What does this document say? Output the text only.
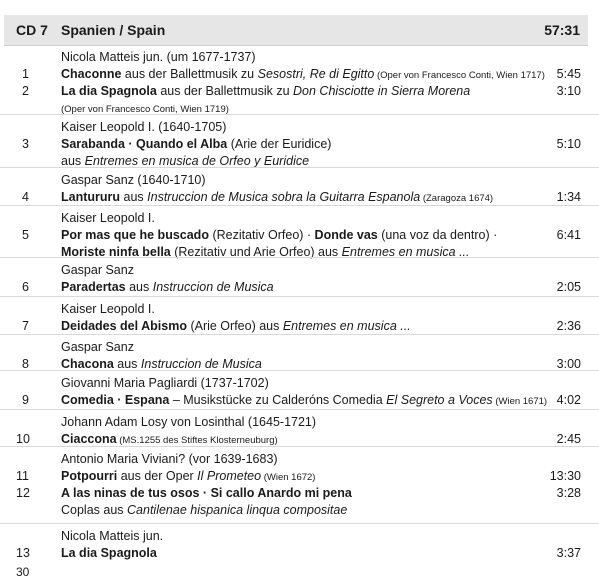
CD 7 Spanien / Spain	57:31
Nicola Matteis jun. (um 1677-1737)
1	Chaconne aus der Ballettmusik zu Sesostri, Re di Egitto (Oper von Francesco Conti, Wien 1717) 5:45
2	La dia Spagnola aus der Ballettmusik zu Don Chisciotte in Sierra Morena	3:10
(Oper von Francesco Conti, Wien 1719)
Kaiser Leopold I. (1640-1705)
3	Sarabanda · Quando el Alba (Arie der Euridice)	5:10
aus Entremes en musica de Orfeo y Euridice
Gaspar Sanz (1640-1710)
4	Lantururu aus Instruccion de Musica sobra la Guitarra Espanola (Zaragoza 1674)	1:34
Kaiser Leopold I.
5	Por mas que he buscado (Rezitativ Orfeo) · Donde vas (una voz da dentro) ·	6:41
Moriste ninfa bella (Rezitativ und Arie Orfeo) aus Entremes en musica ...
Gaspar Sanz
6	Paradertas aus Instruccion de Musica	2:05
Kaiser Leopold I.
7	Deidades del Abismo (Arie Orfeo) aus Entremes en musica ...	2:36
Gaspar Sanz
8	Chacona aus Instruccion de Musica	3:00
Giovanni Maria Pagliardi (1737-1702)
9	Comedia · Espana – Musikstücke zu Calderóns Comedia El Segreto a Voces (Wien 1671) 4:02
Johann Adam Losy von Losinthal (1645-1721)
10 Ciaccona (MS.1255 des Stiftes Klosterneuburg)	2:45
Antonio Maria Viviani? (vor 1639-1683)
11	Potpourri aus der Oper Il Prometeo (Wien 1672)	13:30
12 A las ninas de tus osos · Si callo Anardo mi pena	3:28
Coplas aus Cantilenae hispanica linqua compositae
Nicola Matteis jun.
13 La dia Spagnola	3:37
30
